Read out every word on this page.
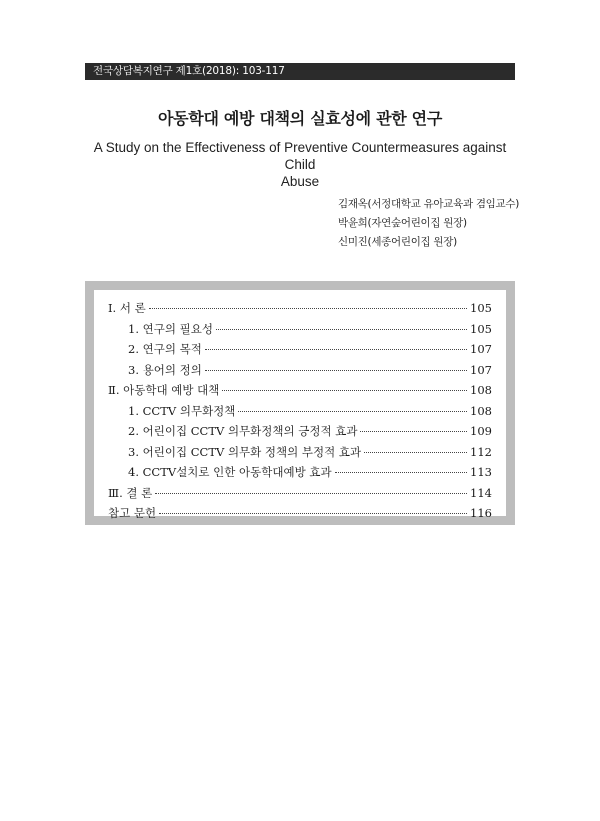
전국상담복지연구 제1호(2018): 103-117
아동학대 예방 대책의 실효성에 관한 연구
A Study on the Effectiveness of Preventive Countermeasures against Child
Abuse
김재옥(서정대학교 유아교육과 겸임교수)
박윤희(자연숲어린이집 원장)
신미진(세종어린이집 원장)
Ⅰ. 서 론	105
1. 연구의 필요성	105
2. 연구의 목적	107
3. 용어의 정의	107
Ⅱ. 아동학대 예방 대책	108
1. CCTV 의무화정책	108
2. 어린이집 CCTV 의무화정책의 긍정적 효과	109
3. 어린이집 CCTV 의무화 정책의 부정적 효과	112
4. CCTV설치로 인한 아동학대예방 효과	113
Ⅲ. 결 론	114
참고 문헌	116
